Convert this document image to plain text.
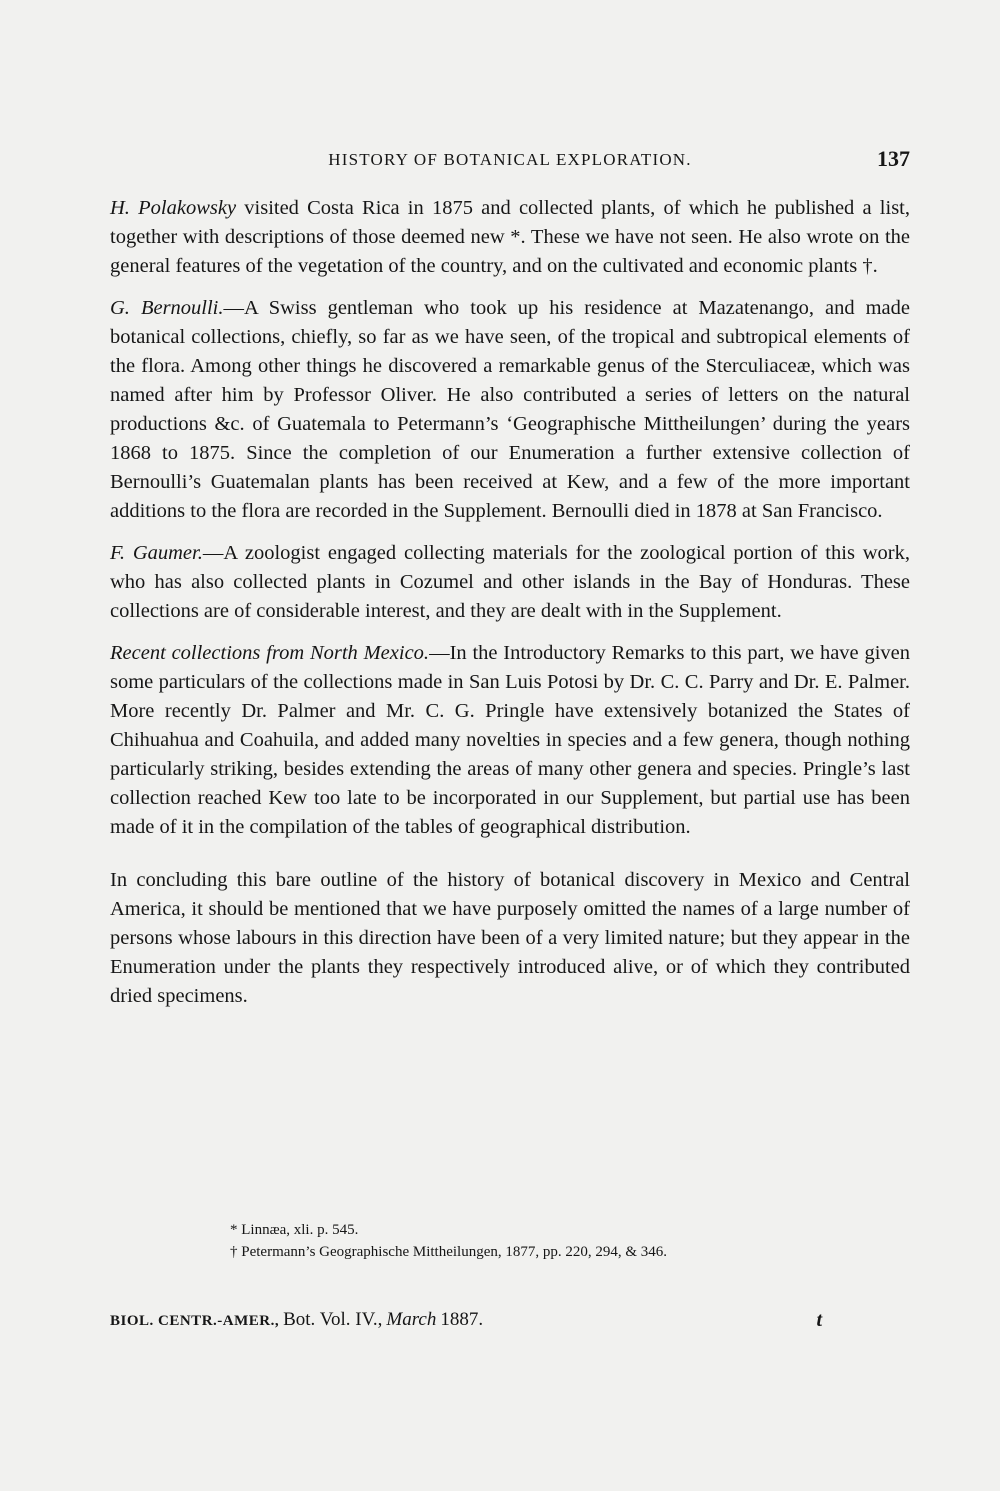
HISTORY OF BOTANICAL EXPLORATION.	137

H. Polakowsky visited Costa Rica in 1875 and collected plants, of which he published a list, together with descriptions of those deemed new *. These we have not seen. He also wrote on the general features of the vegetation of the country, and on the cultivated and economic plants †.

G. Bernoulli.—A Swiss gentleman who took up his residence at Mazatenango, and made botanical collections, chiefly, so far as we have seen, of the tropical and subtropical elements of the flora. Among other things he discovered a remarkable genus of the Sterculiaceæ, which was named after him by Professor Oliver. He also contributed a series of letters on the natural productions &c. of Guatemala to Petermann’s ‘Geographische Mittheilungen’ during the years 1868 to 1875. Since the completion of our Enumeration a further extensive collection of Bernoulli’s Guatemalan plants has been received at Kew, and a few of the more important additions to the flora are recorded in the Supplement. Bernoulli died in 1878 at San Francisco.

F. Gaumer.—A zoologist engaged collecting materials for the zoological portion of this work, who has also collected plants in Cozumel and other islands in the Bay of Honduras. These collections are of considerable interest, and they are dealt with in the Supplement.

Recent collections from North Mexico.—In the Introductory Remarks to this part, we have given some particulars of the collections made in San Luis Potosi by Dr. C. C. Parry and Dr. E. Palmer. More recently Dr. Palmer and Mr. C. G. Pringle have extensively botanized the States of Chihuahua and Coahuila, and added many novelties in species and a few genera, though nothing particularly striking, besides extending the areas of many other genera and species. Pringle’s last collection reached Kew too late to be incorporated in our Supplement, but partial use has been made of it in the compilation of the tables of geographical distribution.

In concluding this bare outline of the history of botanical discovery in Mexico and Central America, it should be mentioned that we have purposely omitted the names of a large number of persons whose labours in this direction have been of a very limited nature; but they appear in the Enumeration under the plants they respectively introduced alive, or of which they contributed dried specimens.

* Linnæa, xli. p. 545.
† Petermann’s Geographische Mittheilungen, 1877, pp. 220, 294, & 346.
BIOL. CENTR.-AMER., Bot. Vol. IV., March 1887.	t
